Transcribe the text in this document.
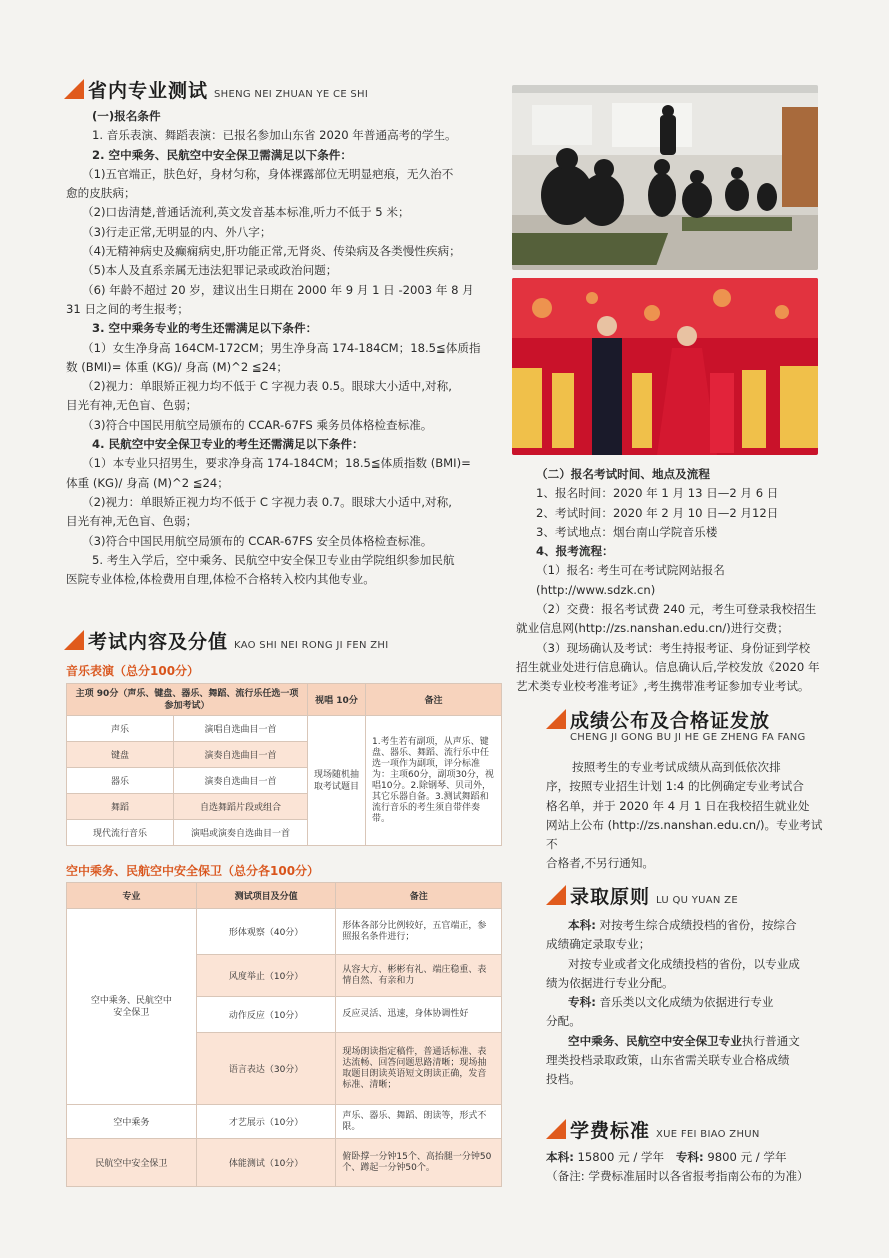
省内专业测试 SHENG NEI ZHUAN YE CE SHI
(一)报名条件
1. 音乐表演、舞蹈表演：已报名参加山东省 2020 年普通高考的学生。
2. 空中乘务、民航空中安全保卫需满足以下条件：
（1)五官端正，肤色好，身材匀称，身体裸露部位无明显疤痕，无久治不
愈的皮肤病；
（2)口齿清楚,普通话流利,英文发音基本标准,听力不低于 5 米；
（3)行走正常,无明显的内、外八字；
（4)无精神病史及癫痫病史,肝功能正常,无肾炎、传染病及各类慢性疾病；
（5)本人及直系亲属无违法犯罪记录或政治问题；
（6) 年龄不超过 20 岁，建议出生日期在 2000 年 9 月 1 日 -2003 年 8 月
31 日之间的考生报考；
3. 空中乘务专业的考生还需满足以下条件：
（1）女生净身高 164CM-172CM；男生净身高 174-184CM；18.5≦体质指
数 (BMI)= 体重 (KG)/ 身高 (M)^2 ≦24；
（2)视力：单眼矫正视力均不低于 C 字视力表 0.5。眼球大小适中,对称,
目光有神,无色盲、色弱；
（3)符合中国民用航空局颁布的 CCAR-67FS 乘务员体格检查标准。
4. 民航空中安全保卫专业的考生还需满足以下条件：
（1）本专业只招男生，要求净身高 174-184CM；18.5≦体质指数 (BMI)=
体重 (KG)/ 身高 (M)^2 ≦24；
（2)视力：单眼矫正视力均不低于 C 字视力表 0.7。眼球大小适中,对称,
目光有神,无色盲、色弱；
（3)符合中国民用航空局颁布的 CCAR-67FS 安全员体格检查标准。
5. 考生入学后，空中乘务、民航空中安全保卫专业由学院组织参加民航
医院专业体检,体检费用自理,体检不合格转入校内其他专业。
（二）报名考试时间、地点及流程
1、报名时间：2020 年 1 月 13 日—2 月 6 日
2、考试时间：2020 年 2 月 10 日—2 月12日
3、考试地点：烟台南山学院音乐楼
4、报考流程：
（1）报名: 考生可在考试院网站报名(http://www.sdzk.cn)
（2）交费：报名考试费 240 元，考生可登录我校招生
就业信息网(http://zs.nanshan.edu.cn/)进行交费；
（3）现场确认及考试：考生持报考证、身份证到学校
招生就业处进行信息确认。信息确认后,学校发放《2020 年
艺术类专业校考准考证》,考生携带准考证参加专业考试。
考试内容及分值 KAO SHI NEI RONG JI FEN ZHI
音乐表演（总分100分）
主项 90分（声乐、键盘、器乐、舞蹈、流行乐任选一项参加考试）		视唱 10分	备注
声乐	演唱自选曲目一首	现场随机抽取考试题目	1.考生若有副项，从声乐、键盘、器乐、舞蹈、流行乐中任选一项作为副项，评分标准为：主项60分，副项30分，视唱10分。2.除钢琴、贝司外，其它乐器自备。3.测试舞蹈和流行音乐的考生须自带伴奏带。
键盘	演奏自选曲目一首		
器乐	演奏自选曲目一首		
舞蹈	自选舞蹈片段或组合		
现代流行音乐	演唱或演奏自选曲目一首		
空中乘务、民航空中安全保卫（总分各100分）
专业	测试项目及分值	备注
空中乘务、民航空中安全保卫	形体观察（40分）	形体各部分比例较好，五官端正，参照报名条件进行；
	风度举止（10分）	从容大方、彬彬有礼、端庄稳重、表情自然、有亲和力
	动作反应（10分）	反应灵活、迅速，身体协调性好
	语言表达（30分）	现场朗读指定稿件，普通话标准、表达流畅、回答问题思路清晰；现场抽取题目朗读英语短文朗读正确，发音标准、清晰；
空中乘务	才艺展示（10分）	声乐、器乐、舞蹈、朗读等，形式不限。
民航空中安全保卫	体能测试（10分）	俯卧撑一分钟15个、高抬腿一分钟50个、蹲起一分钟50个。
成绩公布及合格证发放
CHENG JI GONG BU JI HE GE ZHENG FA FANG
按照考生的专业考试成绩从高到低依次排
序，按照专业招生计划 1:4 的比例确定专业考试合
格名单，并于 2020 年 4 月 1 日在我校招生就业处
网站上公布 (http://zs.nanshan.edu.cn/)。专业考试不
合格者,不另行通知。
录取原则 LU QU YUAN ZE
本科: 对按考生综合成绩投档的省份，按综合
成绩确定录取专业；
对按专业或者文化成绩投档的省份，以专业成
绩为依据进行专业分配。
专科: 音乐类以文化成绩为依据进行专业
分配。
空中乘务、民航空中安全保卫专业执行普通文
理类投档录取政策，山东省需关联专业合格成绩
投档。
学费标准 XUE FEI BIAO ZHUN
本科: 15800 元 / 学年 专科: 9800 元 / 学年
（备注: 学费标准届时以各省报考指南公布的为准）
